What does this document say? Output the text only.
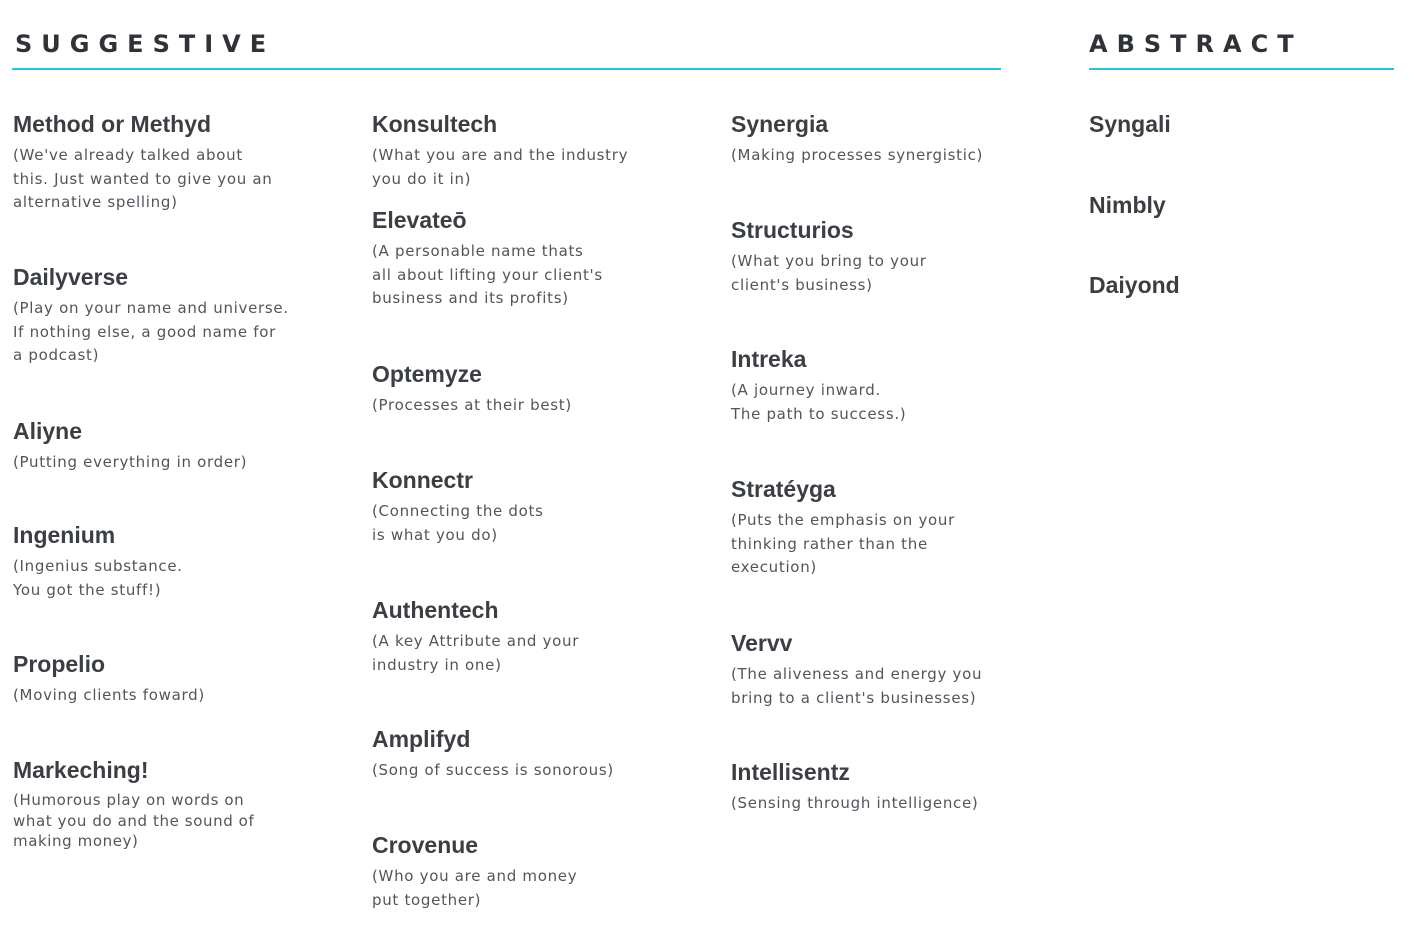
SUGGESTIVE	ABSTRACT
Method or Methyd

(We've already talked about
this. Just wanted to give you an
alternative spelling)

Dailyverse

(Play on your name and universe.
If nothing else, a good name for
a podcast)

Aliyne

(Putting everything in order)

Ingenium

(Ingenius substance.
You got the stuff!)

Propelio

(Moving clients foward)

Markeching!

(Humorous play on words on
what you do and the sound of
making money)

Konsultech

(What you are and the industry
you do it in)

Elevateō

(A personable name thats
all about lifting your client's
business and its profits)

Optemyze

(Processes at their best)

Konnectr

(Connecting the dots
is what you do)

Authentech

(A key Attribute and your
industry in one)

Amplifyd

(Song of success is sonorous)

Crovenue

(Who you are and money
put together)

Synergia

(Making processes synergistic)

Structurios

(What you bring to your
client's business)

Intreka

(A journey inward.
The path to success.)

Stratéyga

(Puts the emphasis on your
thinking rather than the
execution)

Vervv

(The aliveness and energy you
bring to a client's businesses)

Intellisentz

(Sensing through intelligence)

Syngali
Nimbly
Daiyond
